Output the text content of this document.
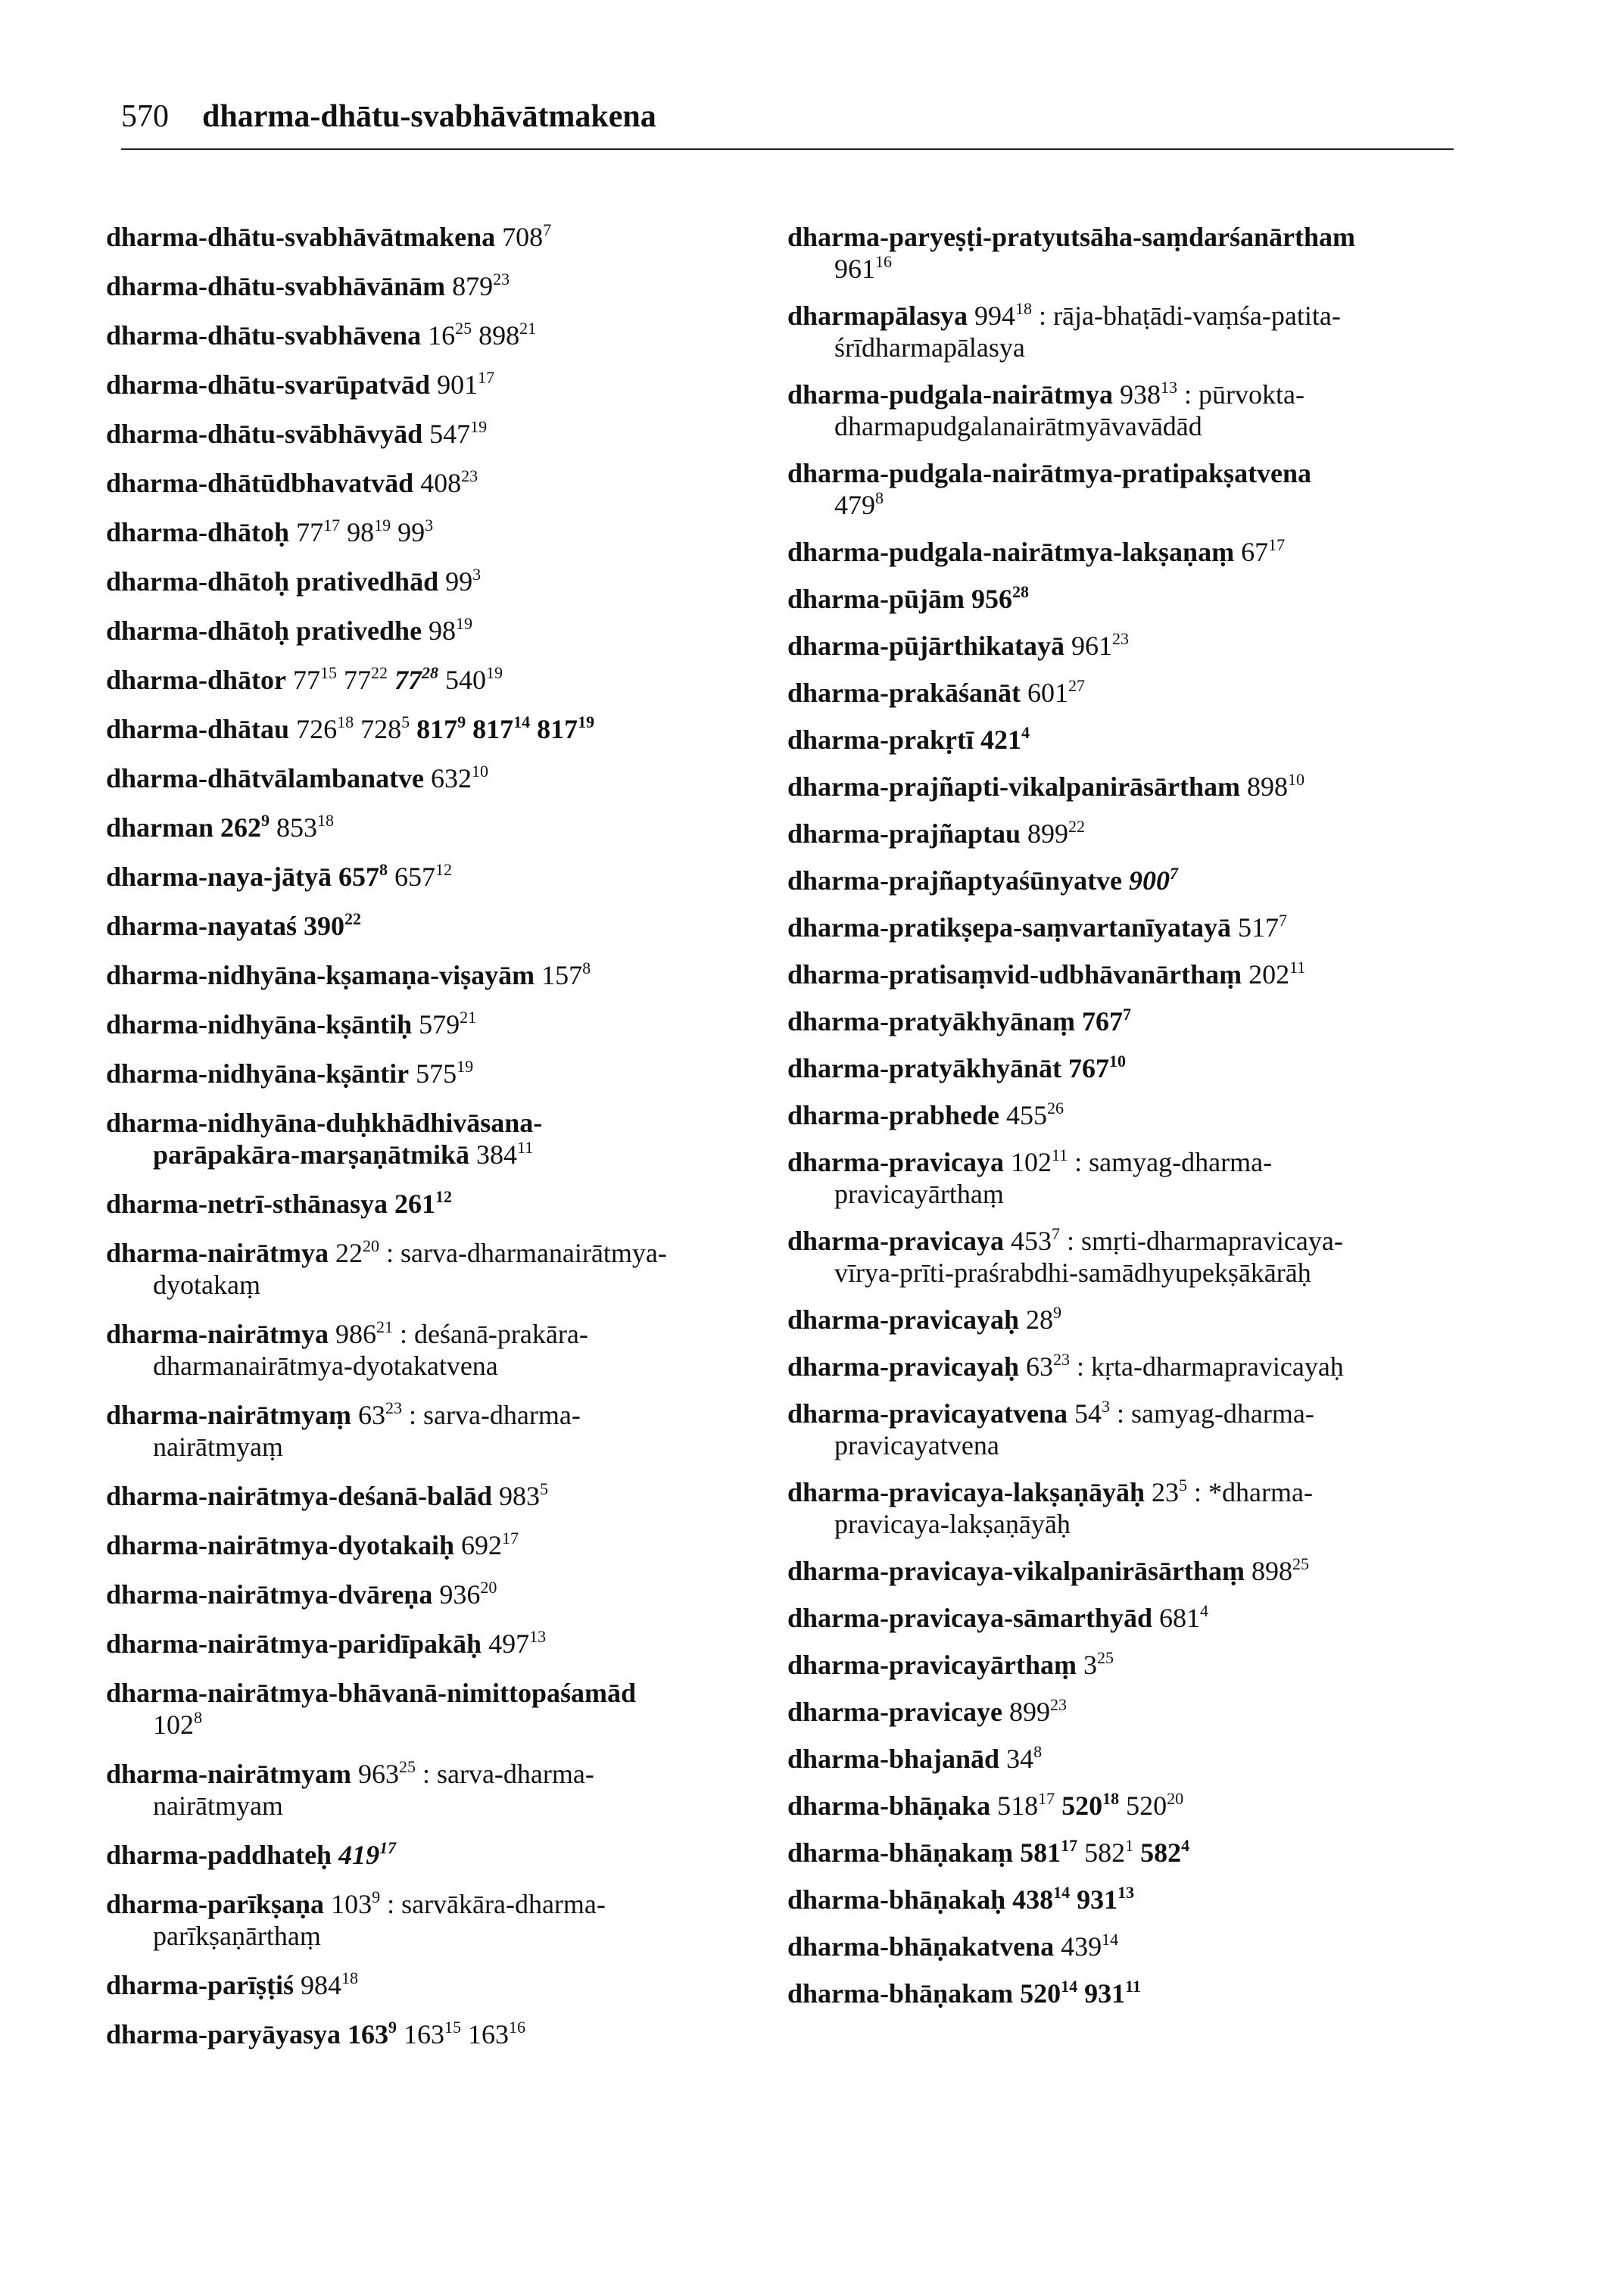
570 dharma-dhātu-svabhāvātmakena
dharma-dhātu-svabhāvātmakena $708^7$
dharma-dhātu-svabhāvānām $879^{23}$
dharma-dhātu-svabhāvena $16^{25}$ $898^{21}$
dharma-dhātu-svarūpatvād $901^{17}$
dharma-dhātu-svābhāvyād $547^{19}$
dharma-dhātūdbhavatvād $408^{23}$
dharma-dhātoḥ $77^{17}$ $98^{19}$ $99^3$
dharma-dhātoḥ prativedhād $99^3$
dharma-dhātoḥ prativedhe $98^{19}$
dharma-dhātor $77^{15}$ $77^{22}$ $77^{28}$ $540^{19}$
dharma-dhātau $726^{18}$ $728^5$ $817^9$ $817^{14}$ $817^{19}$
dharma-dhātvālambanatve $632^{10}$
dharman $262^9$ $853^{18}$
dharma-naya-jātyā $657^8$ $657^{12}$
dharma-nayataś $390^{22}$
dharma-nidhyāna-kṣamaṇa-viṣayām $157^8$
dharma-nidhyāna-kṣāntiḥ $579^{21}$
dharma-nidhyāna-kṣāntir $575^{19}$
dharma-nidhyāna-duḥkhādhivāsana-
parāpakāra-marṣaṇātmikā $384^{11}$
dharma-netrī-sthānasya $261^{12}$
dharma-nairātmya $22^{20}$ : sarva-dharmanairātmya-
dyotakaṃ
dharma-nairātmya $986^{21}$ : deśanā-prakāra-
dharmanairātmya-dyotakatvena
dharma-nairātmyaṃ $63^{23}$ : sarva-dharma-
nairātmyaṃ
dharma-nairātmya-deśanā-balād $983^5$
dharma-nairātmya-dyotakaiḥ $692^{17}$
dharma-nairātmya-dvāreṇa $936^{20}$
dharma-nairātmya-paridīpakāḥ $497^{13}$
dharma-nairātmya-bhāvanā-nimittopaśamād
$102^8$
dharma-nairātmyam $963^{25}$ : sarva-dharma-
nairātmyam
dharma-paddhateḥ $419^{17}$
dharma-parīkṣaṇa $103^9$ : sarvākāra-dharma-
parīkṣaṇārthaṃ
dharma-parīṣṭiś $984^{18}$
dharma-paryāyasya $163^9$ $163^{15}$ $163^{16}$
dharma-paryeṣṭi-pratyutsāha-saṃdarśanārtham
$961^{16}$
dharmapālasya $994^{18}$ : rāja-bhaṭādi-vaṃśa-patita-
śrīdharmapālasya
dharma-pudgala-nairātmya $938^{13}$ : pūrvokta-
dharmapudgalanairātmyāvavādād
dharma-pudgala-nairātmya-pratipakṣatvena
$479^8$
dharma-pudgala-nairātmya-lakṣaṇaṃ $67^{17}$
dharma-pūjām $956^{28}$
dharma-pūjārthikatayā $961^{23}$
dharma-prakāśanāt $601^{27}$
dharma-prakṛtī $421^4$
dharma-prajñapti-vikalpanirāsārtham $898^{10}$
dharma-prajñaptau $899^{22}$
dharma-prajñaptyaśūnyatve $900^7$
dharma-pratikṣepa-saṃvartanīyatayā $517^7$
dharma-pratisaṃvid-udbhāvanārthaṃ $202^{11}$
dharma-pratyākhyānaṃ $767^7$
dharma-pratyākhyānāt $767^{10}$
dharma-prabhede $455^{26}$
dharma-pravicaya $102^{11}$ : samyag-dharma-
pravicayārthaṃ
dharma-pravicaya $453^7$ : smṛti-dharmapravicaya-
vīrya-prīti-praśrabdhi-samādhyupekṣākārāḥ
dharma-pravicayaḥ $28^9$
dharma-pravicayaḥ $63^{23}$ : kṛta-dharmapravicayaḥ
dharma-pravicayatvena $54^3$ : samyag-dharma-
pravicayatvena
dharma-pravicaya-lakṣaṇāyāḥ $23^5$ : *dharma-
pravicaya-lakṣaṇāyāḥ
dharma-pravicaya-vikalpanirāsārthaṃ $898^{25}$
dharma-pravicaya-sāmarthyād $681^4$
dharma-pravicayārthaṃ $3^{25}$
dharma-pravicaye $899^{23}$
dharma-bhajanād $34^8$
dharma-bhāṇaka $518^{17}$ $520^{18}$ $520^{20}$
dharma-bhāṇakaṃ $581^{17}$ $582^1$ $582^4$
dharma-bhāṇakaḥ $438^{14}$ $931^{13}$
dharma-bhāṇakatvena $439^{14}$
dharma-bhāṇakam $520^{14}$ $931^{11}$
